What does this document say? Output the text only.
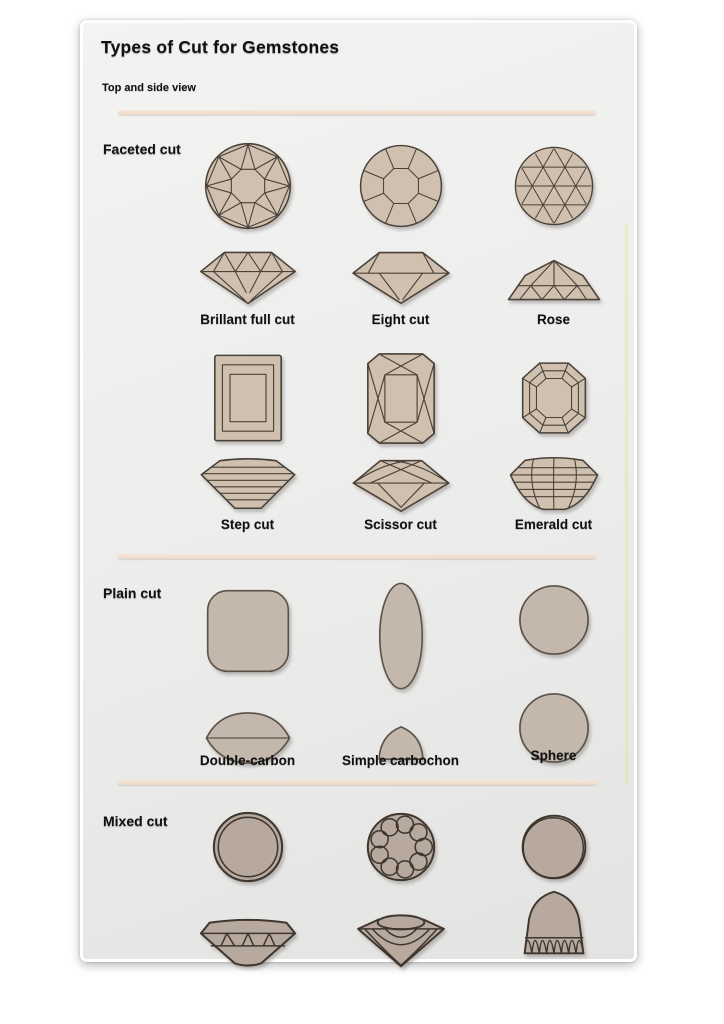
Types of Cut for Gemstones
Top and side view
Faceted cut
Brillant full cut	Eight cut	Rose
Step cut	Scissor cut	Emerald cut
Plain cut
Double-carbon	Simple carbochon	Sphere
Mixed cut
